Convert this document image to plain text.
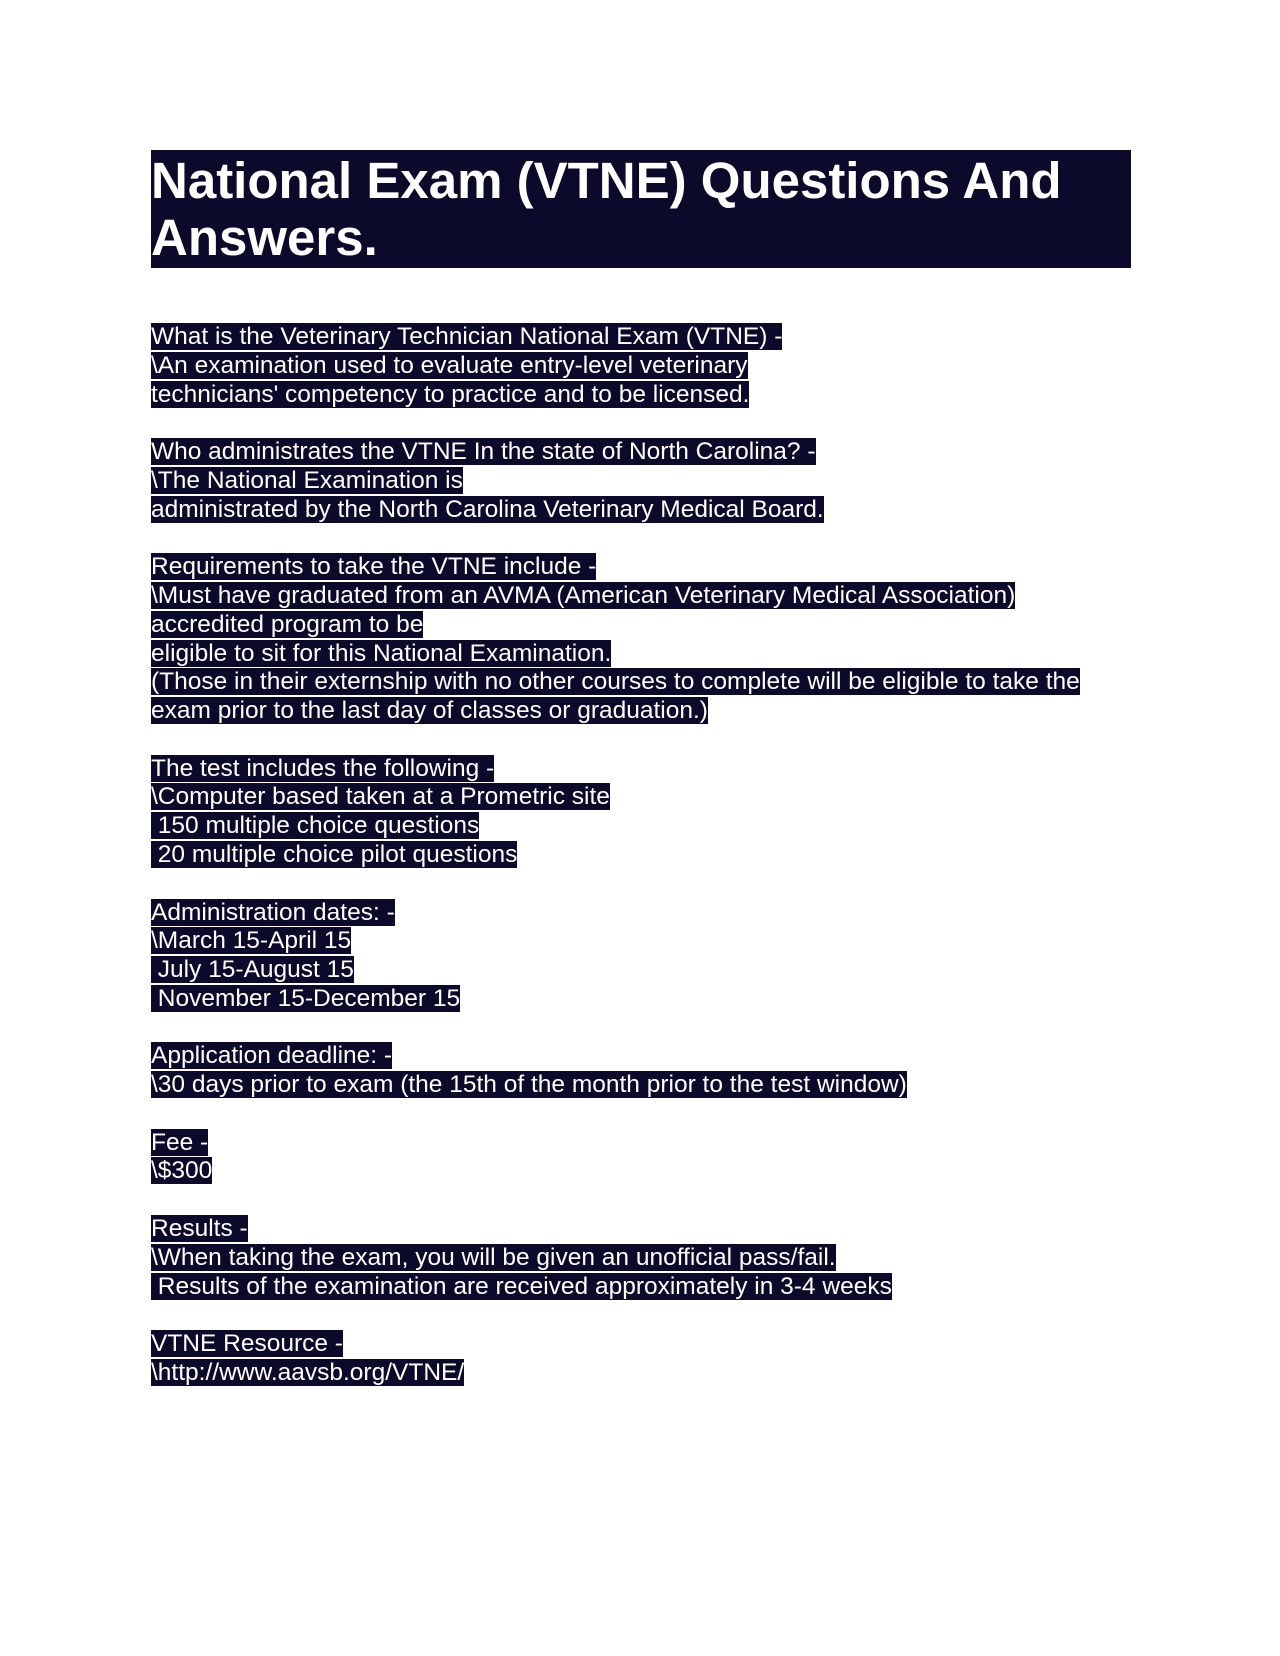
National Exam (VTNE) Questions And Answers.
What is the Veterinary Technician National Exam (VTNE) -
\An examination used to evaluate entry-level veterinary
technicians' competency to practice and to be licensed.
Who administrates the VTNE In the state of North Carolina? -
\The National Examination is
administrated by the North Carolina Veterinary Medical Board.
Requirements to take the VTNE include -
\Must have graduated from an AVMA (American Veterinary Medical Association)
accredited program to be
eligible to sit for this National Examination.
(Those in their externship with no other courses to complete will be eligible to take the
exam prior to the last day of classes or graduation.)
The test includes the following -
\Computer based taken at a Prometric site
150 multiple choice questions
20 multiple choice pilot questions
Administration dates: -
\March 15-April 15
July 15-August 15
November 15-December 15
Application deadline: -
\30 days prior to exam (the 15th of the month prior to the test window)
Fee -
\$300
Results -
\When taking the exam, you will be given an unofficial pass/fail.
Results of the examination are received approximately in 3-4 weeks
VTNE Resource -
\http://www.aavsb.org/VTNE/
